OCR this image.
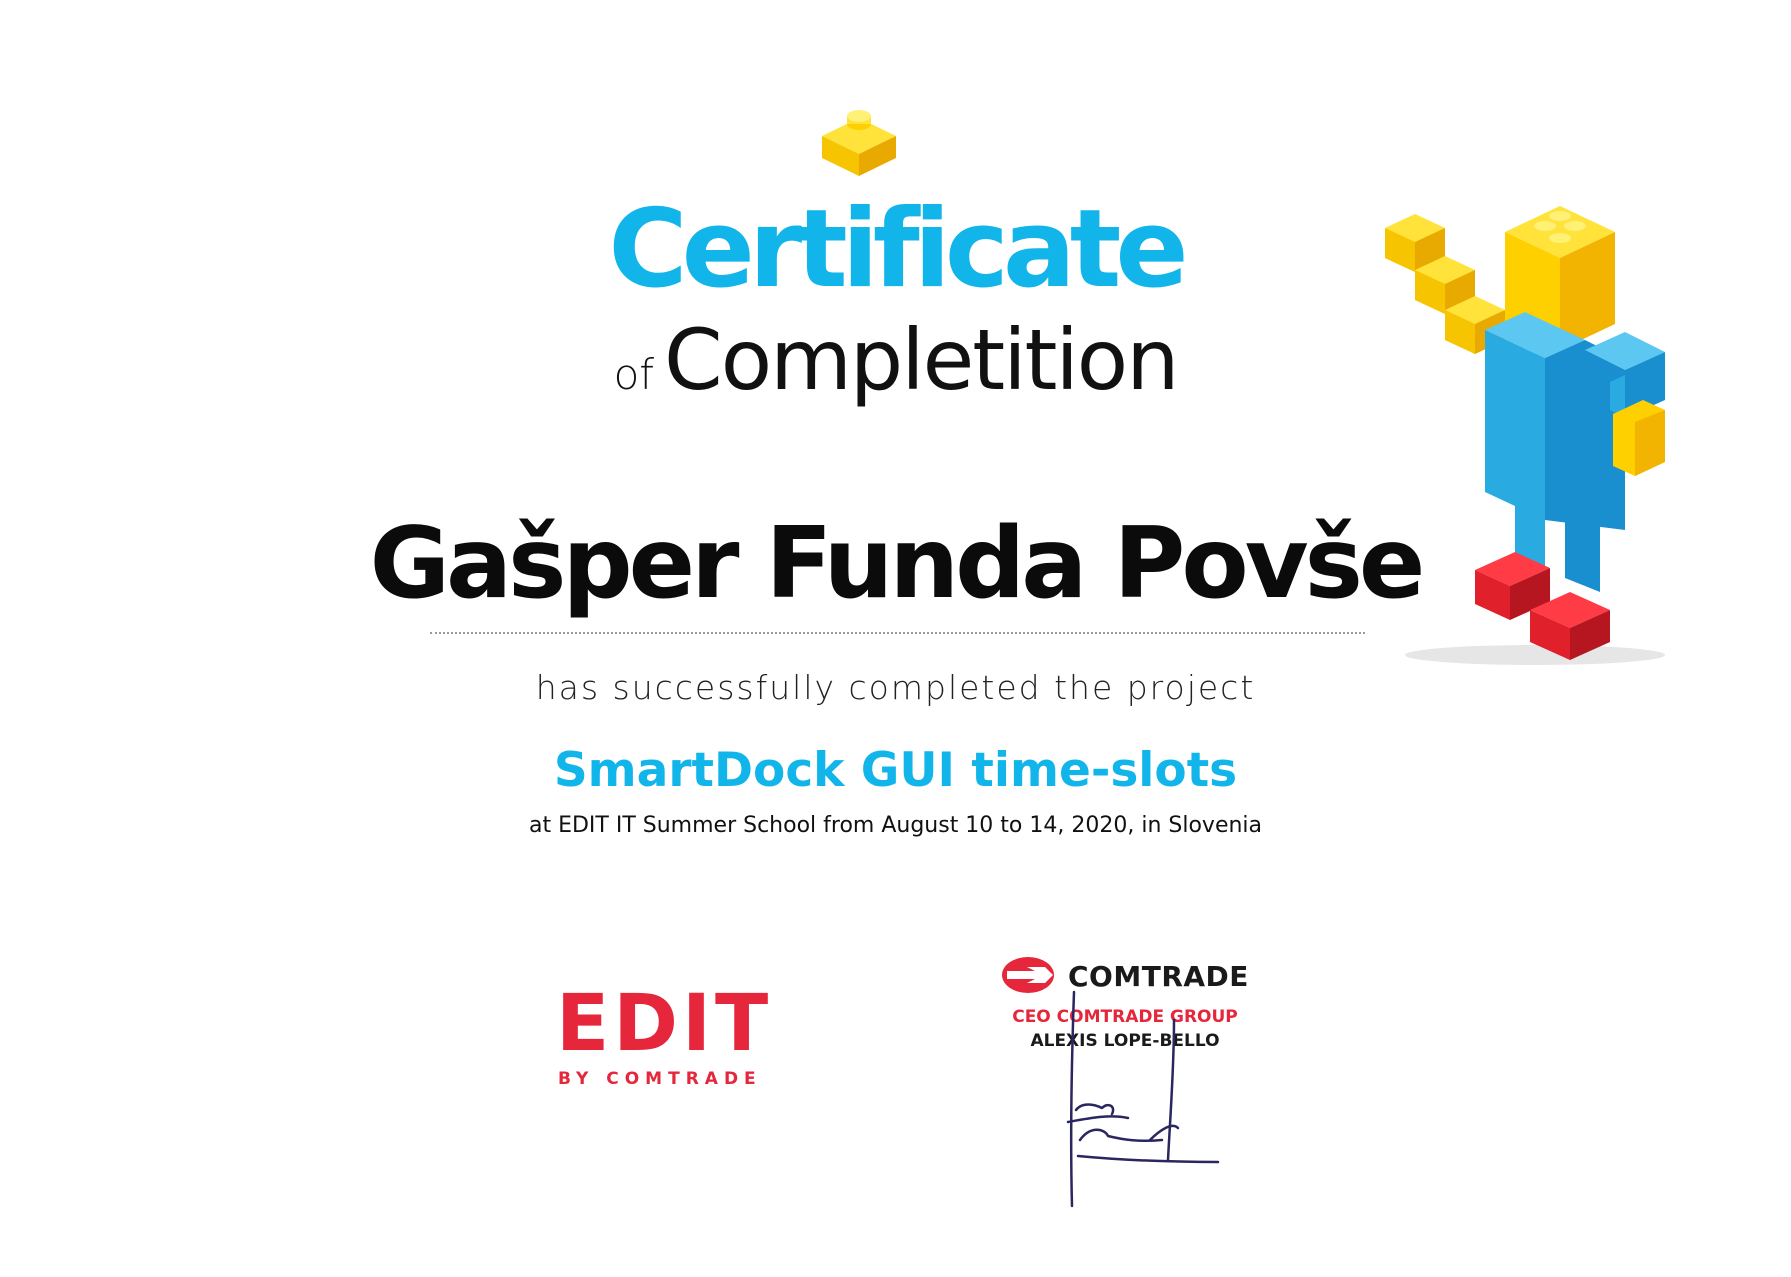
Certificate
of Completition
Gašper Funda Povše
has successfully completed the project
SmartDock GUI time-slots
at EDIT IT Summer School from August 10 to 14, 2020, in Slovenia
EDIT
BY COMTRADE
COMTRADE
CEO COMTRADE GROUP
ALEXIS LOPE-BELLO
